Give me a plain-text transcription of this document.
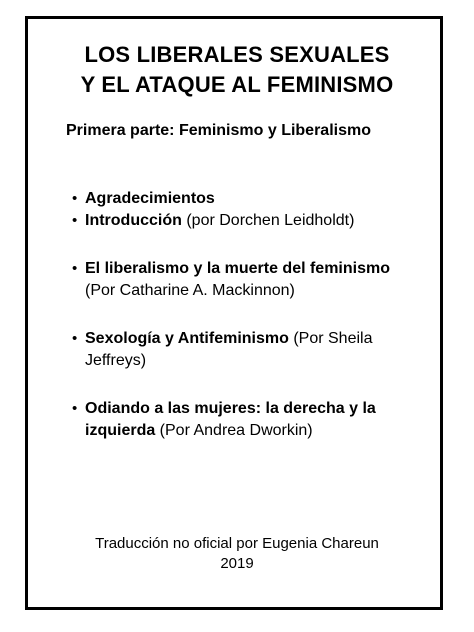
LOS LIBERALES SEXUALES
Y EL ATAQUE AL FEMINISMO
Primera parte: Feminismo y Liberalismo
• Agradecimientos
• Introducción (por Dorchen Leidholdt)
• El liberalismo y la muerte del feminismo (Por Catharine A. Mackinnon)
• Sexología y Antifeminismo (Por Sheila Jeffreys)
• Odiando a las mujeres: la derecha y la izquierda (Por Andrea Dworkin)
Traducción no oficial por Eugenia Chareun
2019
